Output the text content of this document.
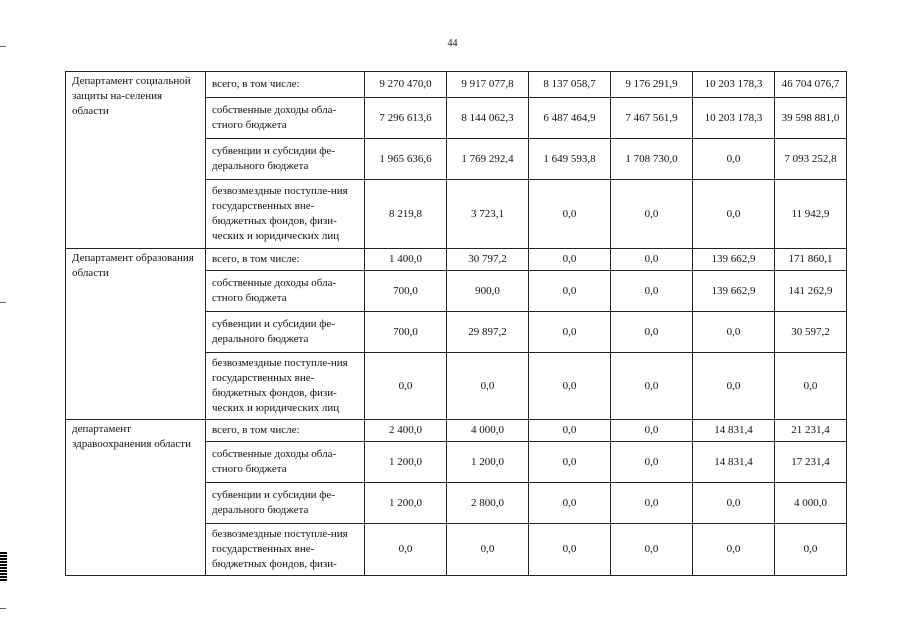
44
Департамент социальной защиты на-селения области	всего, в том числе:	9 270 470,0	9 917 077,8	8 137 058,7	9 176 291,9	10 203 178,3	46 704 076,7
	собственные доходы обла-стного бюджета	7 296 613,6	8 144 062,3	6 487 464,9	7 467 561,9	10 203 178,3	39 598 881,0
	субвенции и субсидии фе-дерального бюджета	1 965 636,6	1 769 292,4	1 649 593,8	1 708 730,0	0,0	7 093 252,8
	безвозмездные поступле-ния государственных вне-бюджетных фондов, физи-ческих и юридических лиц	8 219,8	3 723,1	0,0	0,0	0,0	11 942,9
Департамент образования области	всего, в том числе:	1 400,0	30 797,2	0,0	0,0	139 662,9	171 860,1
	собственные доходы обла-стного бюджета	700,0	900,0	0,0	0,0	139 662,9	141 262,9
	субвенции и субсидии фе-дерального бюджета	700,0	29 897,2	0,0	0,0	0,0	30 597,2
	безвозмездные поступле-ния государственных вне-бюджетных фондов, физи-ческих и юридических лиц	0,0	0,0	0,0	0,0	0,0	0,0
департамент здравоохранения области	всего, в том числе:	2 400,0	4 000,0	0,0	0,0	14 831,4	21 231,4
	собственные доходы обла-стного бюджета	1 200,0	1 200,0	0,0	0,0	14 831,4	17 231,4
	субвенции и субсидии фе-дерального бюджета	1 200,0	2 800,0	0,0	0,0	0,0	4 000,0
	безвозмездные поступле-ния государственных вне-бюджетных фондов, физи-	0,0	0,0	0,0	0,0	0,0	0,0
